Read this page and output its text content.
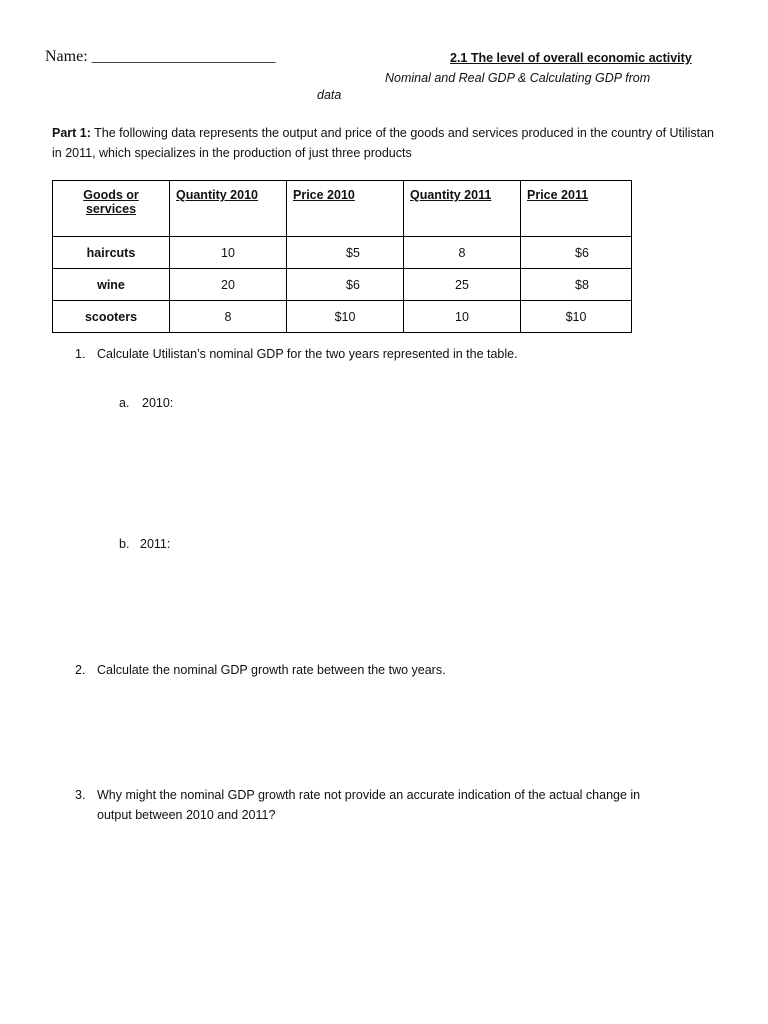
Name: _______________________	2.1 The level of overall economic activity
Nominal and Real GDP & Calculating GDP from
data
Part 1: The following data represents the output and price of the goods and services produced in the country of Utilistan in 2011, which specializes in the production of just three products
Goods or services	Quantity 2010	Price 2010	Quantity 2011	Price 2011
haircuts	10	$5	8	$6
wine	20	$6	25	$8
scooters	8	$10	10	$10
1. Calculate Utilistan’s nominal GDP for the two years represented in the table.
a. 2010:
b. 2011:
2. Calculate the nominal GDP growth rate between the two years.
3. Why might the nominal GDP growth rate not provide an accurate indication of the actual change in
output between 2010 and 2011?
